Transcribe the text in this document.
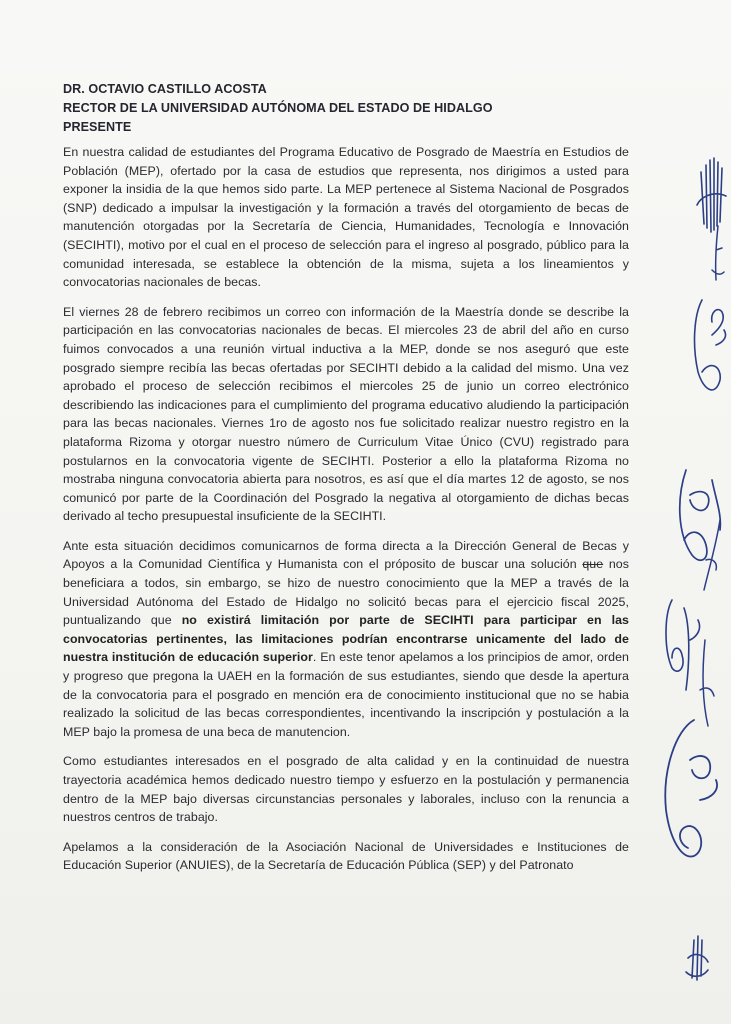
DR. OCTAVIO CASTILLO ACOSTA

RECTOR DE LA UNIVERSIDAD AUTÓNOMA DEL ESTADO DE HIDALGO

PRESENTE

En nuestra calidad de estudiantes del Programa Educativo de Posgrado de Maestría en Estudios de Población (MEP), ofertado por la casa de estudios que representa, nos dirigimos a usted para exponer la insidia de la que hemos sido parte. La MEP pertenece al Sistema Nacional de Posgrados (SNP) dedicado a impulsar la investigación y la formación a través del otorgamiento de becas de manutención otorgadas por la Secretaría de Ciencia, Humanidades, Tecnología e Innovación (SECIHTI), motivo por el cual en el proceso de selección para el ingreso al posgrado, público para la comunidad interesada, se establece la obtención de la misma, sujeta a los lineamientos y convocatorias nacionales de becas.

El viernes 28 de febrero recibimos un correo con información de la Maestría donde se describe la participación en las convocatorias nacionales de becas. El miercoles 23 de abril del año en curso fuimos convocados a una reunión virtual inductiva a la MEP, donde se nos aseguró que este posgrado siempre recibía las becas ofertadas por SECIHTI debido a la calidad del mismo. Una vez aprobado el proceso de selección recibimos el miercoles 25 de junio un correo electrónico describiendo las indicaciones para el cumplimiento del programa educativo aludiendo la participación para las becas nacionales. Viernes 1ro de agosto nos fue solicitado realizar nuestro registro en la plataforma Rizoma y otorgar nuestro número de Curriculum Vitae Único (CVU) registrado para postularnos en la convocatoria vigente de SECIHTI. Posterior a ello la plataforma Rizoma no mostraba ninguna convocatoria abierta para nosotros, es así que el día martes 12 de agosto, se nos comunicó por parte de la Coordinación del Posgrado la negativa al otorgamiento de dichas becas derivado al techo presupuestal insuficiente de la SECIHTI.

Ante esta situación decidimos comunicarnos de forma directa a la Dirección General de Becas y Apoyos a la Comunidad Científica y Humanista con el próposito de buscar una solución que nos beneficiara a todos, sin embargo, se hizo de nuestro conocimiento que la MEP a través de la Universidad Autónoma del Estado de Hidalgo no solicitó becas para el ejercicio fiscal 2025, puntualizando que no existirá limitación por parte de SECIHTI para participar en las convocatorias pertinentes, las limitaciones podrían encontrarse unicamente del lado de nuestra institución de educación superior. En este tenor apelamos a los principios de amor, orden y progreso que pregona la UAEH en la formación de sus estudiantes, siendo que desde la apertura de la convocatoria para el posgrado en mención era de conocimiento institucional que no se habia realizado la solicitud de las becas correspondientes, incentivando la inscripción y postulación a la MEP bajo la promesa de una beca de manutencion.

Como estudiantes interesados en el posgrado de alta calidad y en la continuidad de nuestra trayectoria académica hemos dedicado nuestro tiempo y esfuerzo en la postulación y permanencia dentro de la MEP bajo diversas circunstancias personales y laborales, incluso con la renuncia a nuestros centros de trabajo.

Apelamos a la consideración de la Asociación Nacional de Universidades e Instituciones de Educación Superior (ANUIES), de la Secretaría de Educación Pública (SEP) y del Patronato
